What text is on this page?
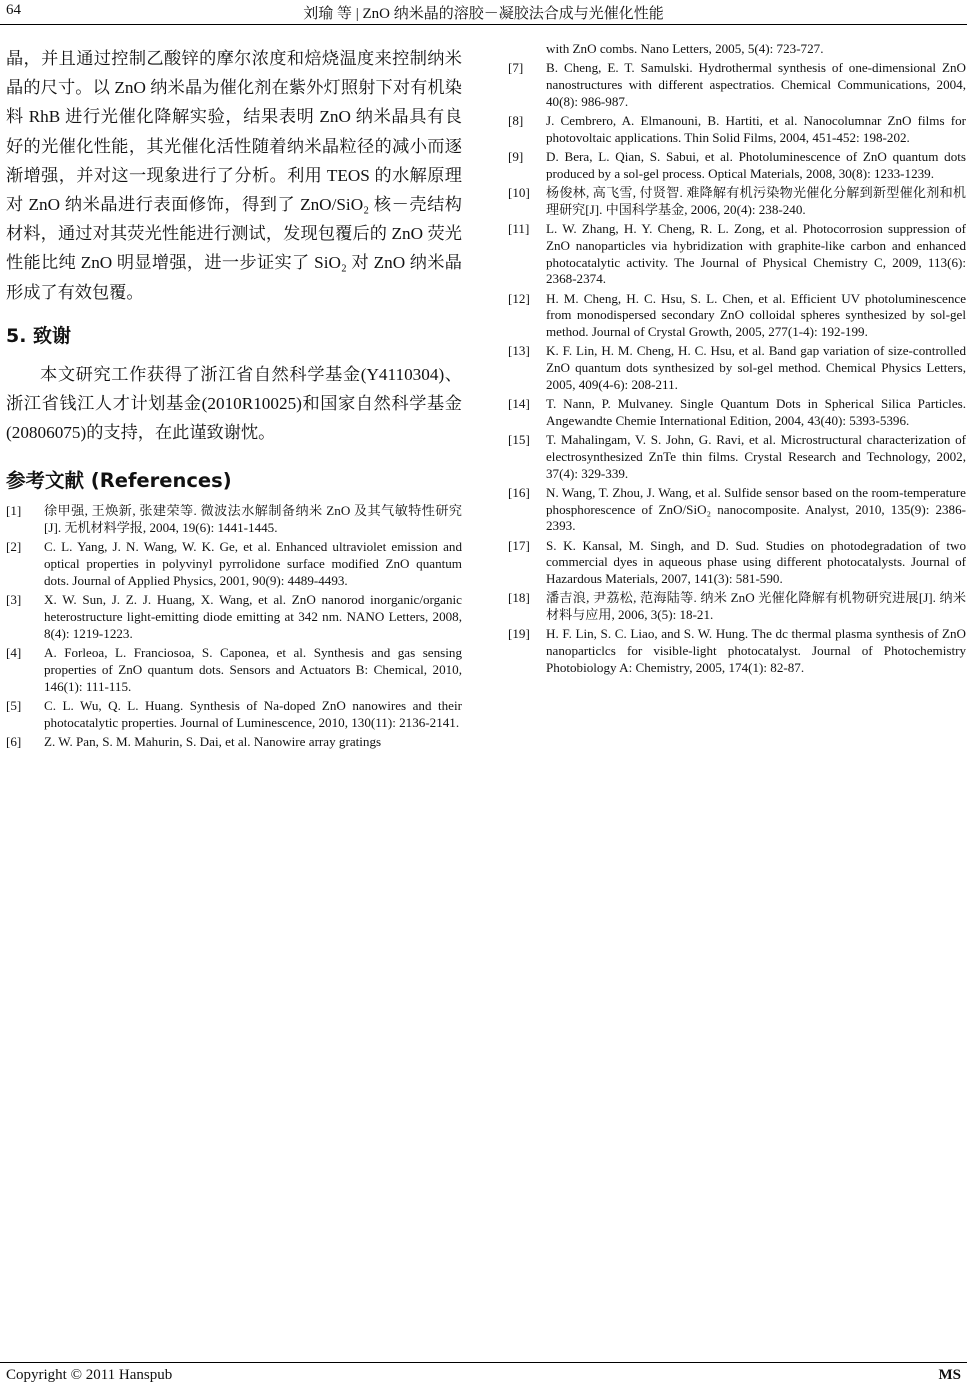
64	刘瑜 等 | ZnO 纳米晶的溶胶－凝胶法合成与光催化性能

晶，并且通过控制乙酸锌的摩尔浓度和焙烧温度来控制纳米晶的尺寸。以 ZnO 纳米晶为催化剂在紫外灯照射下对有机染料 RhB 进行光催化降解实验，结果表明 ZnO 纳米晶具有良好的光催化性能，其光催化活性随着纳米晶粒径的减小而逐渐增强，并对这一现象进行了分析。利用 TEOS 的水解原理对 ZnO 纳米晶进行表面修饰，得到了 ZnO/SiO₂ 核－壳结构材料，通过对其荧光性能进行测试，发现包覆后的 ZnO 荧光性能比纯 ZnO 明显增强，进一步证实了 SiO₂ 对 ZnO 纳米晶形成了有效包覆。

5. 致谢

本文研究工作获得了浙江省自然科学基金(Y4110304)、浙江省钱江人才计划基金(2010R10025)和国家自然科学基金(20806075)的支持，在此谨致谢忱。

参考文献 (References)
[1]	徐甲强, 王焕新, 张建荣等. 微波法水解制备纳米 ZnO 及其气敏特性研究[J]. 无机材料学报, 2004, 19(6): 1441-1445.
[2]	C. L. Yang, J. N. Wang, W. K. Ge, et al. Enhanced ultraviolet emission and optical properties in polyvinyl pyrrolidone surface modified ZnO quantum dots. Journal of Applied Physics, 2001, 90(9): 4489-4493.
[3]	X. W. Sun, J. Z. J. Huang, X. Wang, et al. ZnO nanorod inorganic/organic heterostructure light-emitting diode emitting at 342 nm. NANO Letters, 2008, 8(4): 1219-1223.
[4]	A. Forleoa, L. Franciosoa, S. Caponea, et al. Synthesis and gas sensing properties of ZnO quantum dots. Sensors and Actuators B: Chemical, 2010, 146(1): 111-115.
[5]	C. L. Wu, Q. L. Huang. Synthesis of Na-doped ZnO nanowires and their photocatalytic properties. Journal of Luminescence, 2010, 130(11): 2136-2141.
[6]	Z. W. Pan, S. M. Mahurin, S. Dai, et al. Nanowire array gratings
with ZnO combs. Nano Letters, 2005, 5(4): 723-727.
[7]	B. Cheng, E. T. Samulski. Hydrothermal synthesis of one-dimensional ZnO nanostructures with different aspectratios. Chemical Communications, 2004, 40(8): 986-987.
[8]	J. Cembrero, A. Elmanouni, B. Hartiti, et al. Nanocolumnar ZnO films for photovoltaic applications. Thin Solid Films, 2004, 451-452: 198-202.
[9]	D. Bera, L. Qian, S. Sabui, et al. Photoluminescence of ZnO quantum dots produced by a sol-gel process. Optical Materials, 2008, 30(8): 1233-1239.
[10]	杨俊林, 高飞雪, 付贤智. 难降解有机污染物光催化分解到新型催化剂和机理研究[J]. 中国科学基金, 2006, 20(4): 238-240.
[11]	L. W. Zhang, H. Y. Cheng, R. L. Zong, et al. Photocorrosion suppression of ZnO nanoparticles via hybridization with graphite-like carbon and enhanced photocatalytic activity. The Journal of Physical Chemistry C, 2009, 113(6): 2368-2374.
[12]	H. M. Cheng, H. C. Hsu, S. L. Chen, et al. Efficient UV photoluminescence from monodispersed secondary ZnO colloidal spheres synthesized by sol-gel method. Journal of Crystal Growth, 2005, 277(1-4): 192-199.
[13]	K. F. Lin, H. M. Cheng, H. C. Hsu, et al. Band gap variation of size-controlled ZnO quantum dots synthesized by sol-gel method. Chemical Physics Letters, 2005, 409(4-6): 208-211.
[14]	T. Nann, P. Mulvaney. Single Quantum Dots in Spherical Silica Particles. Angewandte Chemie International Edition, 2004, 43(40): 5393-5396.
[15]	T. Mahalingam, V. S. John, G. Ravi, et al. Microstructural characterization of electrosynthesized ZnTe thin films. Crystal Research and Technology, 2002, 37(4): 329-339.
[16]	N. Wang, T. Zhou, J. Wang, et al. Sulfide sensor based on the room-temperature phosphorescence of ZnO/SiO₂ nanocomposite. Analyst, 2010, 135(9): 2386-2393.
[17]	S. K. Kansal, M. Singh, and D. Sud. Studies on photodegradation of two commercial dyes in aqueous phase using different photocatalysts. Journal of Hazardous Materials, 2007, 141(3): 581-590.
[18]	潘吉浪, 尹荔松, 范海陆等. 纳米 ZnO 光催化降解有机物研究进展[J]. 纳米材料与应用, 2006, 3(5): 18-21.
[19]	H. F. Lin, S. C. Liao, and S. W. Hung. The dc thermal plasma synthesis of ZnO nanoparticlcs for visible-light photocatalyst. Journal of Photochemistry Photobiology A: Chemistry, 2005, 174(1): 82-87.
Copyright © 2011 Hanspub	MS
